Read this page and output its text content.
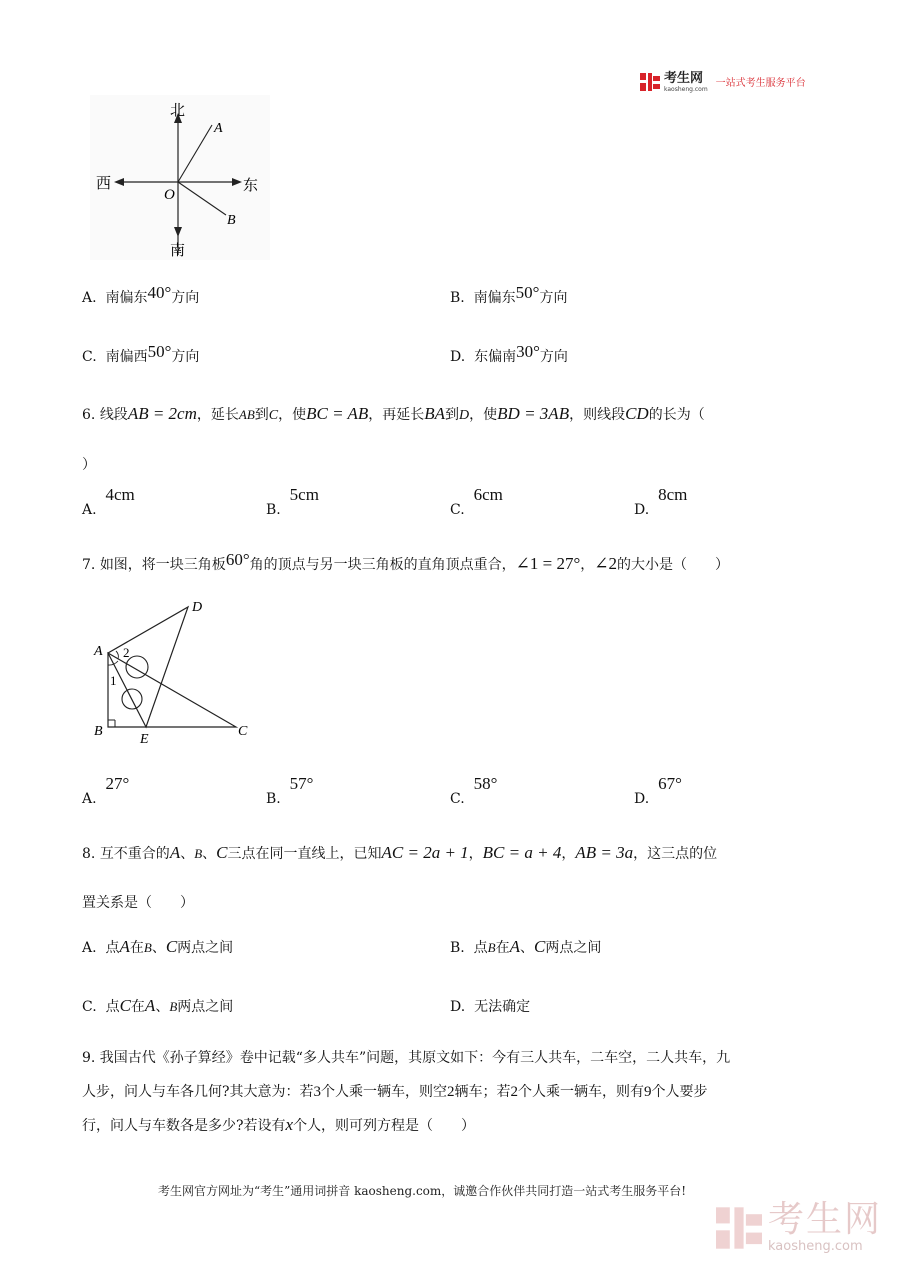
考生网
kaosheng.com
一站式考生服务平台
北
南
西	东
O
A
B
A. 南偏东40°方向	B. 南偏东50°方向
C. 南偏西50°方向	D. 东偏南30°方向
6. 线段AB = 2cm，延长AB到C，使BC = AB，再延长BA到D，使BD = 3AB，则线段CD的长为（
）
A.  4cm
B.  5cm
C.  6cm
D.  8cm
7. 如图，将一块三角板60°角的顶点与另一块三角板的直角顶点重合，∠1 = 27°，∠2的大小是（　　）
A
B	C
D
E
1
2
A.  27°
B.  57°
C.  58°
D.  67°
8. 互不重合的A、B、C三点在同一直线上，已知AC = 2a + 1，BC = a + 4，AB = 3a，这三点的位
置关系是（　　）
A. 点A在B、C两点之间	B. 点B在A、C两点之间
C. 点C在A、B两点之间	D. 无法确定
9. 我国古代《孙子算经》卷中记载“多人共车”问题，其原文如下：今有三人共车，二车空，二人共车，九
人步，问人与车各几何?其大意为：若3个人乘一辆车，则空2辆车；若2个人乘一辆车，则有9个人要步
行，问人与车数各是多少?若设有x个人，则可列方程是（　　）
考生网官方网址为“考生”通用词拼音 kaosheng.com，诚邀合作伙伴共同打造一站式考生服务平台!
考生网
kaosheng.com
